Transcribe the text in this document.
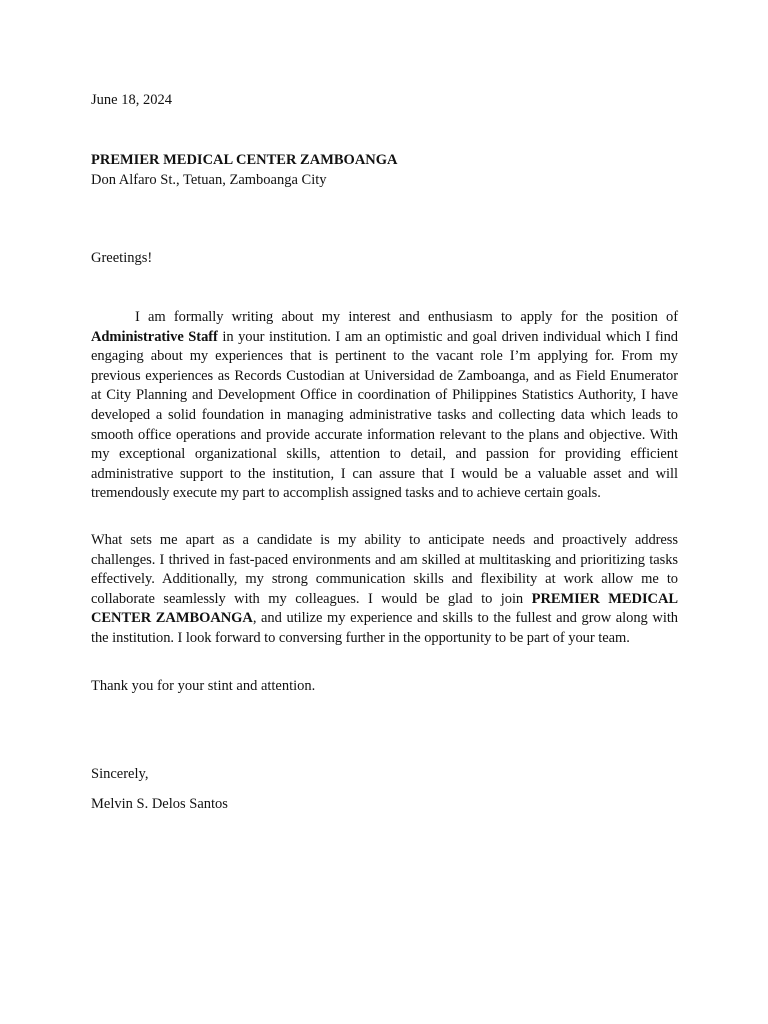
June 18, 2024

PREMIER MEDICAL CENTER ZAMBOANGA

Don Alfaro St., Tetuan, Zamboanga City

Greetings!

I am formally writing about my interest and enthusiasm to apply for the position of Administrative Staff in your institution. I am an optimistic and goal driven individual which I find engaging about my experiences that is pertinent to the vacant role I’m applying for. From my previous experiences as Records Custodian at Universidad de Zamboanga, and as Field Enumerator at City Planning and Development Office in coordination of Philippines Statistics Authority, I have developed a solid foundation in managing administrative tasks and collecting data which leads to smooth office operations and provide accurate information relevant to the plans and objective. With my exceptional organizational skills, attention to detail, and passion for providing efficient administrative support to the institution, I can assure that I would be a valuable asset and will tremendously execute my part to accomplish assigned tasks and to achieve certain goals.

What sets me apart as a candidate is my ability to anticipate needs and proactively address challenges. I thrived in fast-paced environments and am skilled at multitasking and prioritizing tasks effectively. Additionally, my strong communication skills and flexibility at work allow me to collaborate seamlessly with my colleagues. I would be glad to join PREMIER MEDICAL CENTER ZAMBOANGA, and utilize my experience and skills to the fullest and grow along with the institution. I look forward to conversing further in the opportunity to be part of your team.

Thank you for your stint and attention.

Sincerely,

Melvin S. Delos Santos
